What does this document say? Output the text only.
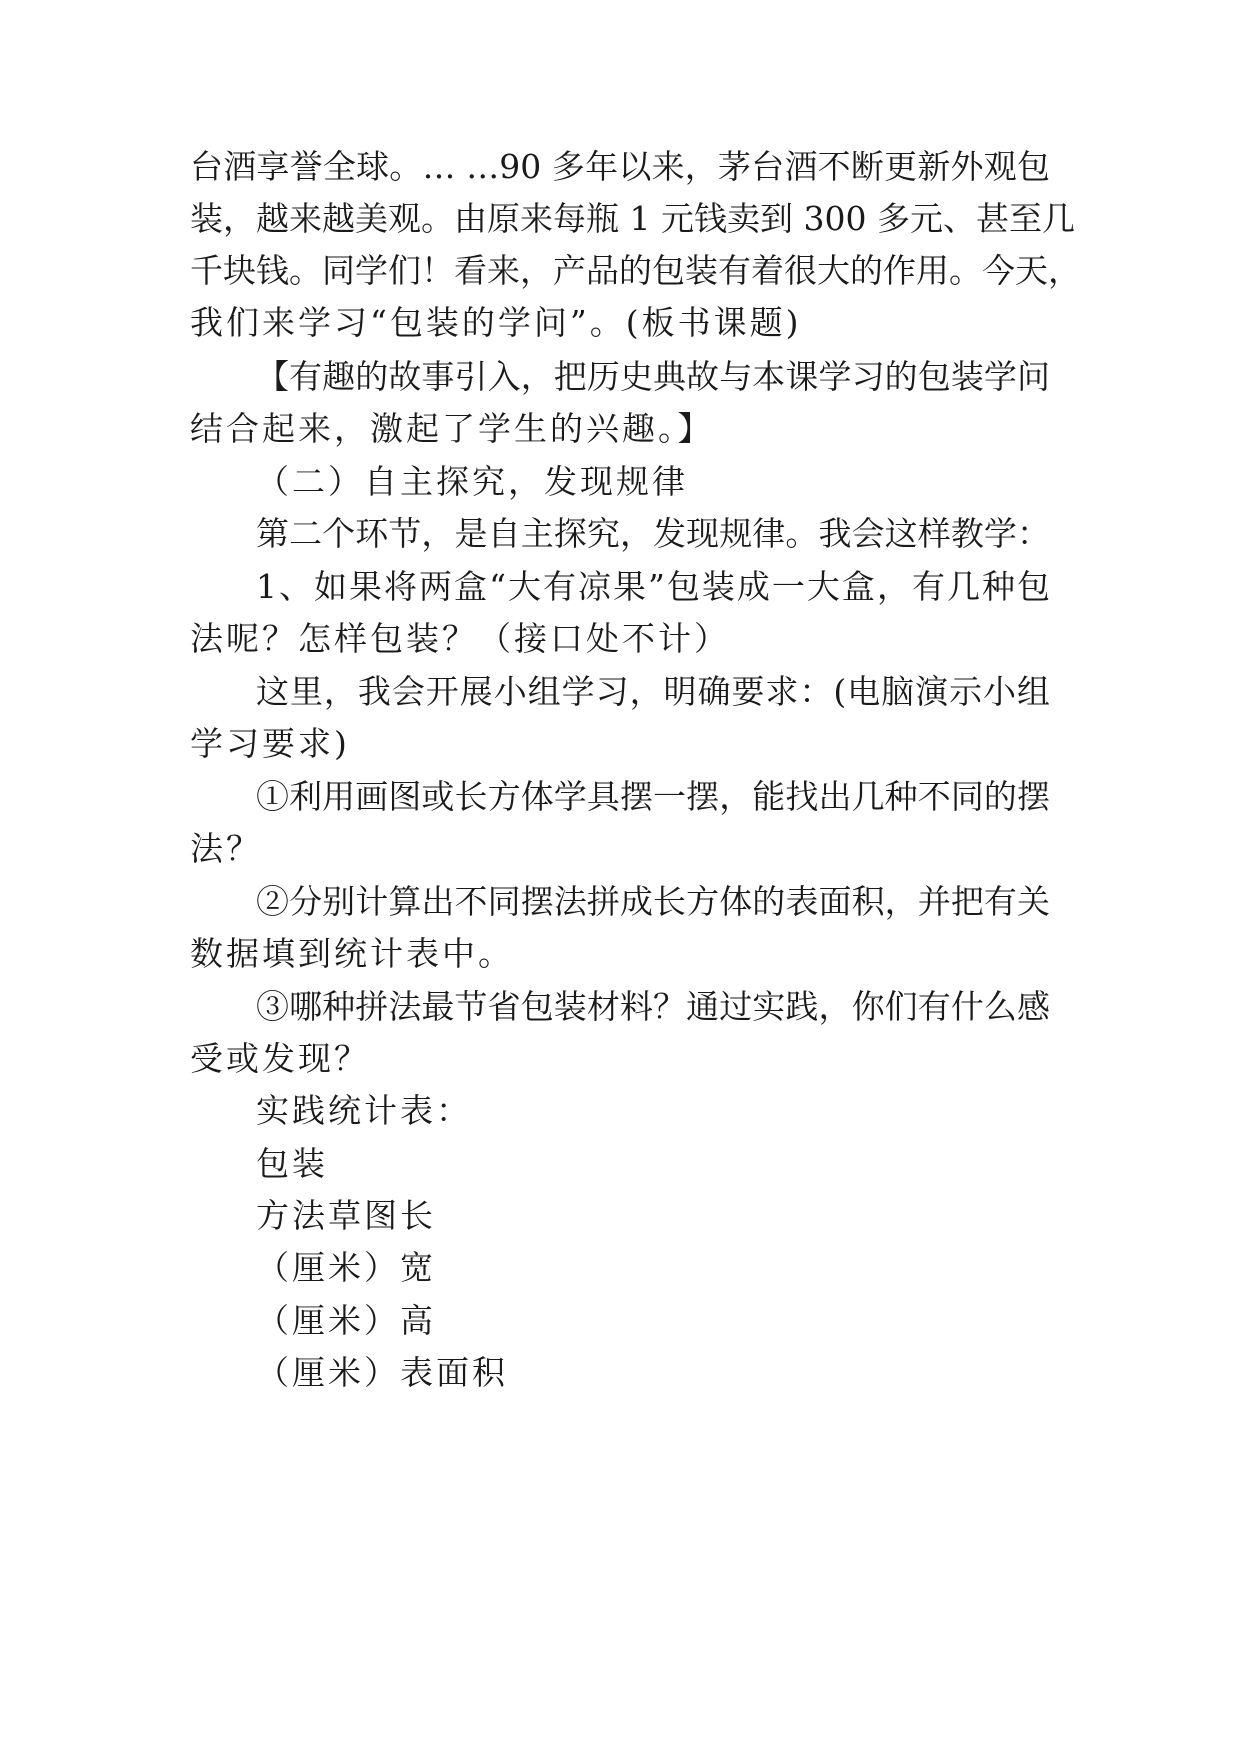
台酒享誉全球。… …90 多年以来，茅台酒不断更新外观包
装，越来越美观。由原来每瓶 1 元钱卖到 300 多元、甚至几
千块钱。同学们！看来，产品的包装有着很大的作用。今天，
我们来学习“包装的学问”。(板书课题)
【有趣的故事引入，把历史典故与本课学习的包装学问
结合起来，激起了学生的兴趣。】
（二）自主探究，发现规律
第二个环节，是自主探究，发现规律。我会这样教学：
1、如果将两盒“大有凉果”包装成一大盒，有几种包
法呢？怎样包装？（接口处不计）
这里，我会开展小组学习，明确要求：(电脑演示小组
学习要求)
①利用画图或长方体学具摆一摆，能找出几种不同的摆
法？
②分别计算出不同摆法拼成长方体的表面积，并把有关
数据填到统计表中。
③哪种拼法最节省包装材料？通过实践，你们有什么感
受或发现？
实践统计表：
包装
方法草图长
（厘米）宽
（厘米）高
（厘米）表面积
